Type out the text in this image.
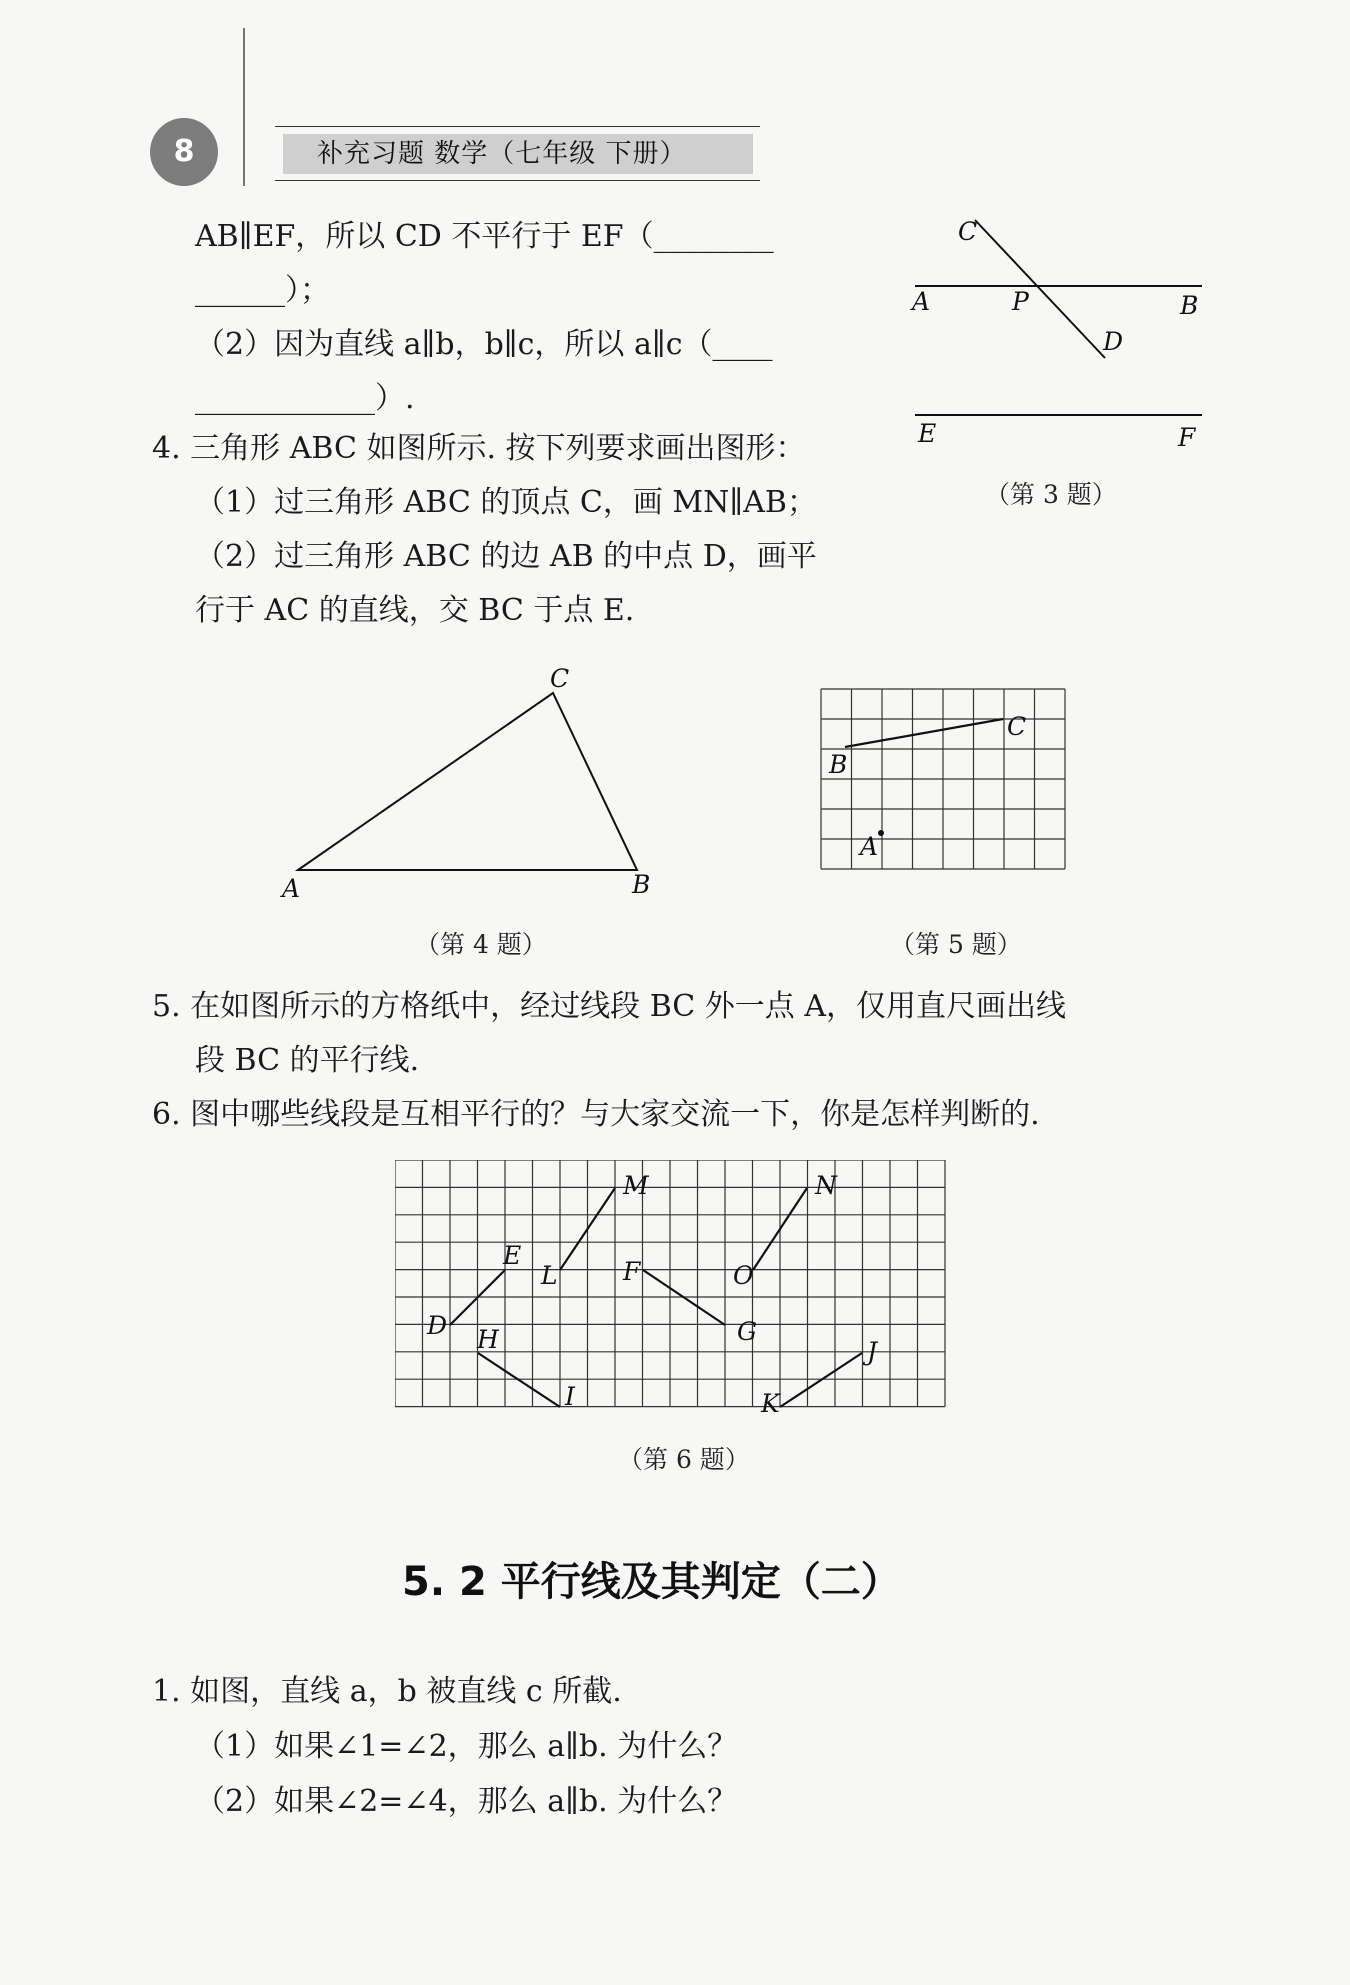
8	补充习题 数学（七年级 下册）
AB∥EF，所以 CD 不平行于 EF（________
______）；
（2）因为直线 a∥b，b∥c，所以 a∥c（____
____________）.
C
A	P	B
D
E	F
（第 3 题）
4. 三角形 ABC 如图所示. 按下列要求画出图形：
（1）过三角形 ABC 的顶点 C，画 MN∥AB；
（2）过三角形 ABC 的边 AB 的中点 D，画平
行于 AC 的直线，交 BC 于点 E.
C
A	B
（第 4 题）
B
C
A
（第 5 题）
5. 在如图所示的方格纸中，经过线段 BC 外一点 A，仅用直尺画出线
段 BC 的平行线.
6. 图中哪些线段是互相平行的？与大家交流一下，你是怎样判断的.
M	N
E
L	F	O
D H	G
J
I	K
（第 6 题）
5. 2 平行线及其判定（二）
1. 如图，直线 a，b 被直线 c 所截.
（1）如果∠1=∠2，那么 a∥b. 为什么？
（2）如果∠2=∠4，那么 a∥b. 为什么？
